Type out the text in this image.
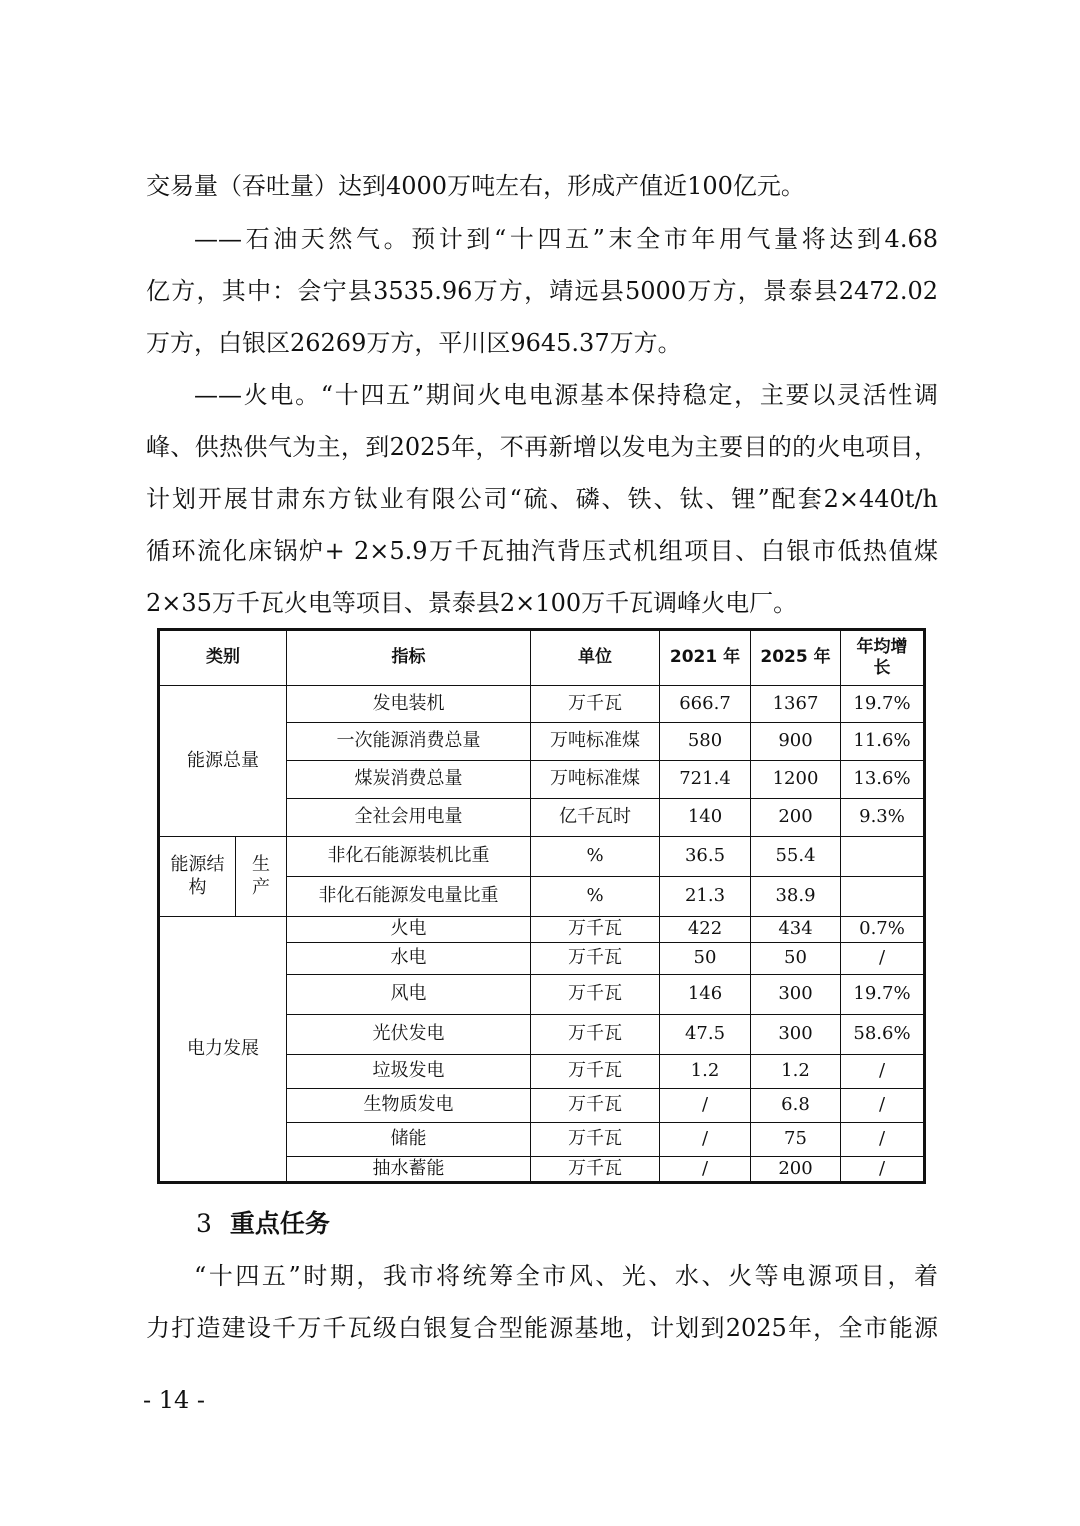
交易量（吞吐量）达到4000万吨左右，形成产值近100亿元。

——石油天然气。预计到“十四五”末全市年用气量将达到4.68
亿方，其中：会宁县3535.96万方，靖远县5000万方，景泰县2472.02
万方，白银区26269万方，平川区9645.37万方。

——火电。“十四五”期间火电电源基本保持稳定，主要以灵活性调
峰、供热供气为主，到2025年，不再新增以发电为主要目的的火电项目，
计划开展甘肃东方钛业有限公司“硫、磷、铁、钛、锂”配套2×440t/h
循环流化床锅炉+ 2×5.9万千瓦抽汽背压式机组项目、白银市低热值煤
2×35万千瓦火电等项目、景泰县2×100万千瓦调峰火电厂。

类别		指标	单位	2021 年	2025 年	年均增长
能源总量		发电装机	万千瓦	666.7	1367	19.7%
		一次能源消费总量	万吨标准煤	580	900	11.6%
		煤炭消费总量	万吨标准煤	721.4	1200	13.6%
		全社会用电量	亿千瓦时	140	200	9.3%
能源结构	生产	非化石能源装机比重	%	36.5	55.4	
		非化石能源发电量比重	%	21.3	38.9	
电力发展		火电	万千瓦	422	434	0.7%
		水电	万千瓦	50	50	/
		风电	万千瓦	146	300	19.7%
		光伏发电	万千瓦	47.5	300	58.6%
		垃圾发电	万千瓦	1.2	1.2	/
		生物质发电	万千瓦	/	6.8	/
		储能	万千瓦	/	75	/
		抽水蓄能	万千瓦	/	200	/
3 重点任务

“十四五”时期，我市将统筹全市风、光、水、火等电源项目，着
力打造建设千万千瓦级白银复合型能源基地，计划到2025年，全市能源

- 14 -
